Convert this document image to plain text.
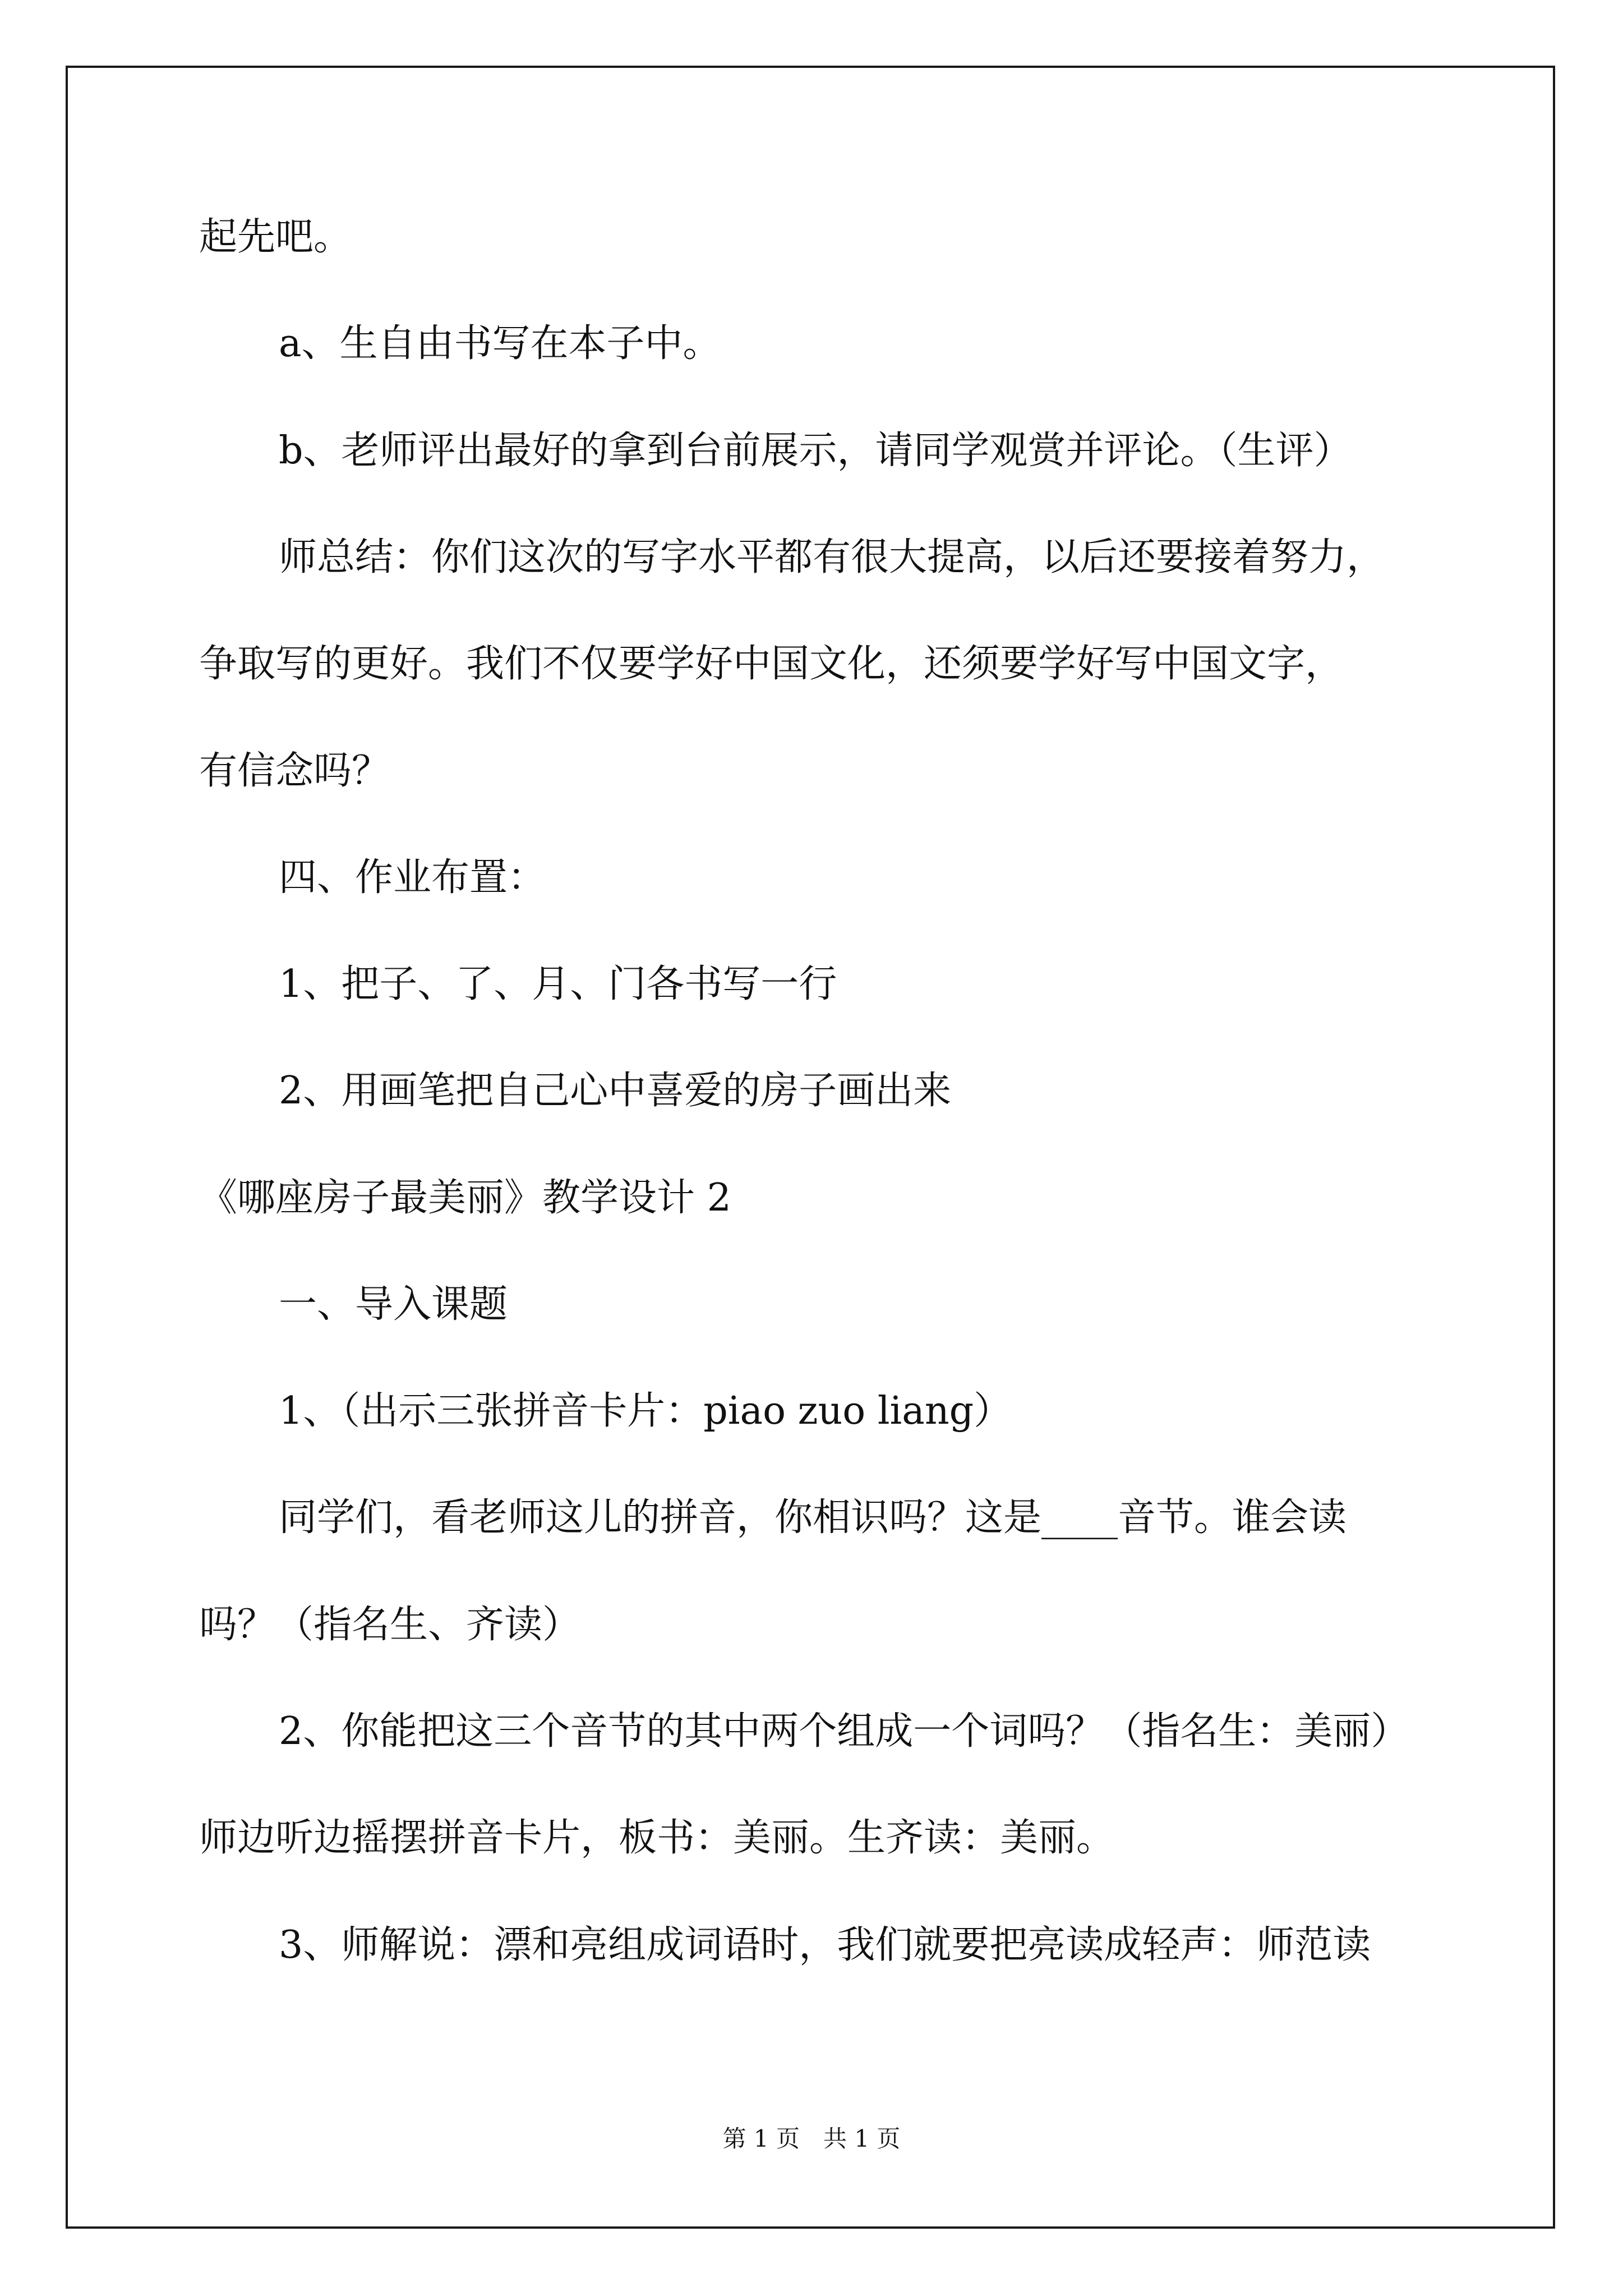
起先吧。

a、生自由书写在本子中。

b、老师评出最好的拿到台前展示，请同学观赏并评论。（生评）

师总结：你们这次的写字水平都有很大提高，以后还要接着努力，

争取写的更好。我们不仅要学好中国文化，还须要学好写中国文字，

有信念吗？

四、作业布置：

1、把子、了、月、门各书写一行

2、用画笔把自己心中喜爱的房子画出来

《哪座房子最美丽》教学设计 2

一、导入课题

1、（出示三张拼音卡片：piao zuo liang）

同学们，看老师这儿的拼音，你相识吗？这是____音节。谁会读

吗？（指名生、齐读）

2、你能把这三个音节的其中两个组成一个词吗？（指名生：美丽）

师边听边摇摆拼音卡片，板书：美丽。生齐读：美丽。

3、师解说：漂和亮组成词语时，我们就要把亮读成轻声：师范读

第 1 页　共 1 页
